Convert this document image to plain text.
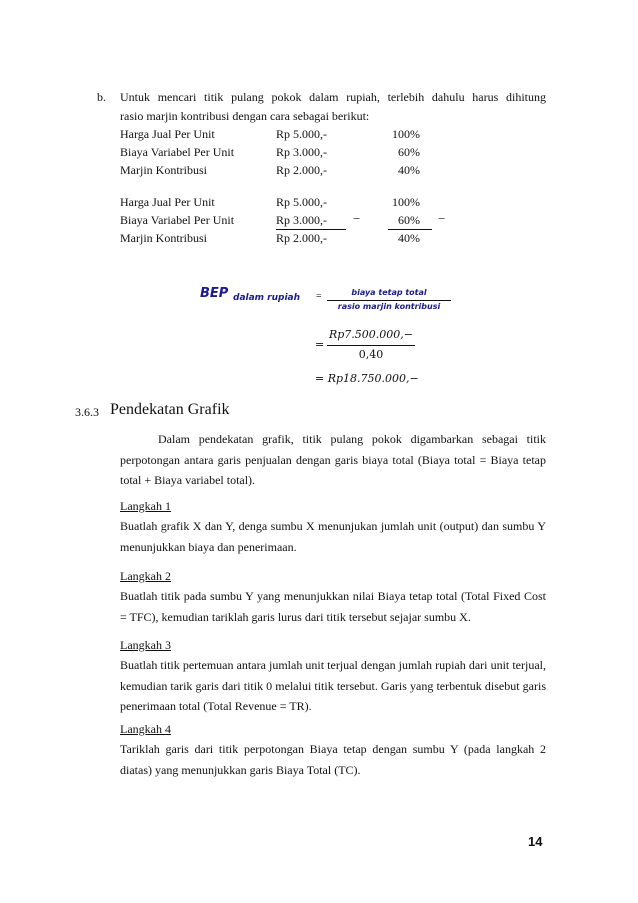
b. Untuk mencari titik pulang pokok dalam rupiah, terlebih dahulu harus dihitung
rasio marjin kontribusi dengan cara sebagai berikut:
Harga Jual Per Unit	Rp 5.000,-	100%
Biaya Variabel Per Unit	Rp 3.000,-	60%
Marjin Kontribusi	Rp 2.000,-	40%
Harga Jual Per Unit	Rp 5.000,-	100%
Biaya Variabel Per Unit	Rp 3.000,- −	60% −
Marjin Kontribusi	Rp 2.000,-	40%
BEP dalam rupiah =	biaya tetap total
rasio marjin kontribusi
=
Rp7.500.000,−
0,40
= Rp18.750.000,−
3.6.3 Pendekatan Grafik
Dalam pendekatan grafik, titik pulang pokok digambarkan sebagai titik perpotongan antara garis penjualan dengan garis biaya total (Biaya total = Biaya tetap total + Biaya variabel total).
Langkah 1
Buatlah grafik X dan Y, denga sumbu X menunjukan jumlah unit (output) dan sumbu Y menunjukkan biaya dan penerimaan.
Langkah 2
Buatlah titik pada sumbu Y yang menunjukkan nilai Biaya tetap total (Total Fixed Cost = TFC), kemudian tariklah garis lurus dari titik tersebut sejajar sumbu X.
Langkah 3
Buatlah titik pertemuan antara jumlah unit terjual dengan jumlah rupiah dari unit terjual, kemudian tarik garis dari titik 0 melalui titik tersebut. Garis yang terbentuk disebut garis penerimaan total (Total Revenue = TR).
Langkah 4
Tariklah garis dari titik perpotongan Biaya tetap dengan sumbu Y (pada langkah 2 diatas) yang menunjukkan garis Biaya Total (TC).
14
